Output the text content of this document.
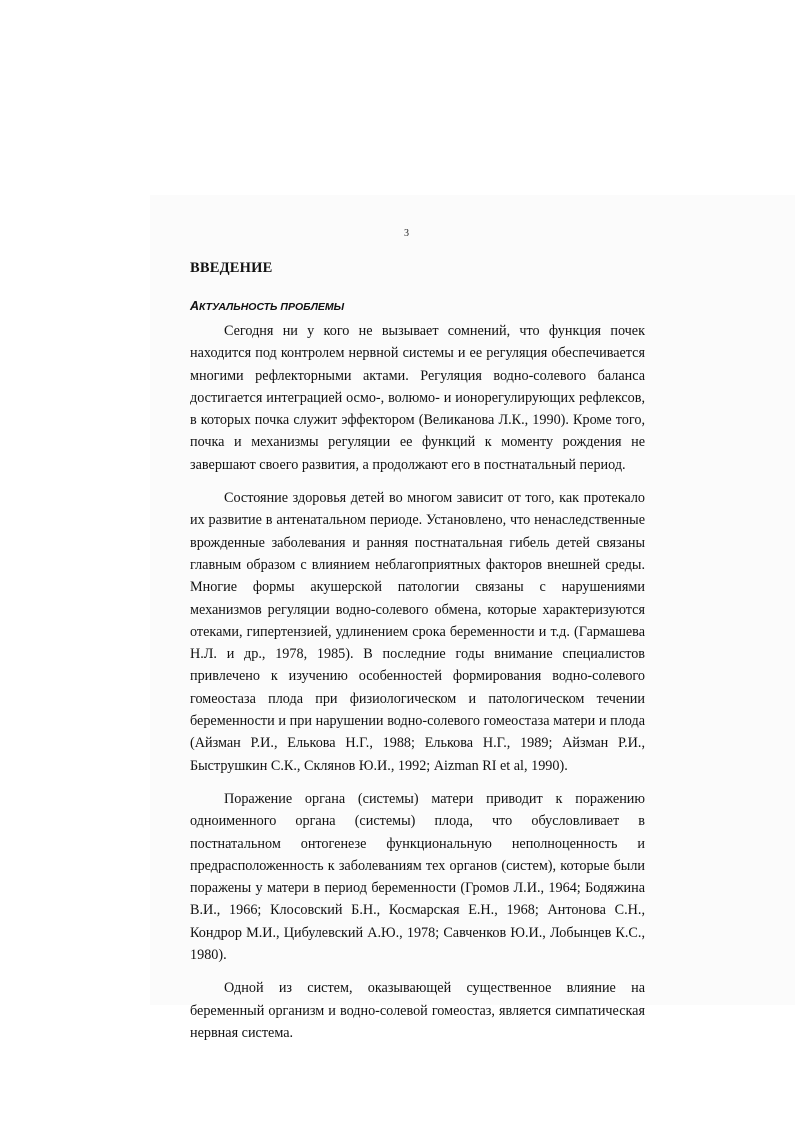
3
ВВЕДЕНИЕ
АКТУАЛЬНОСТЬ ПРОБЛЕМЫ

Сегодня ни у кого не вызывает сомнений, что функция почек находится под контролем нервной системы и ее регуляция обеспечивается многими рефлекторными актами. Регуляция водно-солевого баланса достигается интеграцией осмо-, волюмо- и ионорегулирующих рефлексов, в которых почка служит эффектором (Великанова Л.К., 1990). Кроме того, почка и механизмы регуляции ее функций к моменту рождения не завершают своего развития, а продолжают его в постнатальный период.

Состояние здоровья детей во многом зависит от того, как протекало их развитие в антенатальном периоде. Установлено, что ненаследственные врожденные заболевания и ранняя постнатальная гибель детей связаны главным образом с влиянием неблагоприятных факторов внешней среды. Многие формы акушерской патологии связаны с нарушениями механизмов регуляции водно-солевого обмена, которые характеризуются отеками, гипертензией, удлинением срока беременности и т.д. (Гармашева Н.Л. и др., 1978, 1985). В последние годы внимание специалистов привлечено к изучению особенностей формирования водно-солевого гомеостаза плода при физиологическом и патологическом течении беременности и при нарушении водно-солевого гомеостаза матери и плода (Айзман Р.И., Елькова Н.Г., 1988; Елькова Н.Г., 1989; Айзман Р.И., Быструшкин С.К., Склянов Ю.И., 1992; Aizman RI et al, 1990).

Поражение органа (системы) матери приводит к поражению одноименного органа (системы) плода, что обусловливает в постнатальном онтогенезе функциональную неполноценность и предрасположенность к заболеваниям тех органов (систем), которые были поражены у матери в период беременности (Громов Л.И., 1964; Бодяжина В.И., 1966; Клосовский Б.Н., Космарская Е.Н., 1968; Антонова С.Н., Кондрор М.И., Цибулевский А.Ю., 1978; Савченков Ю.И., Лобынцев К.С., 1980).

Одной из систем, оказывающей существенное влияние на беременный организм и водно-солевой гомеостаз, является симпатическая нервная система.
